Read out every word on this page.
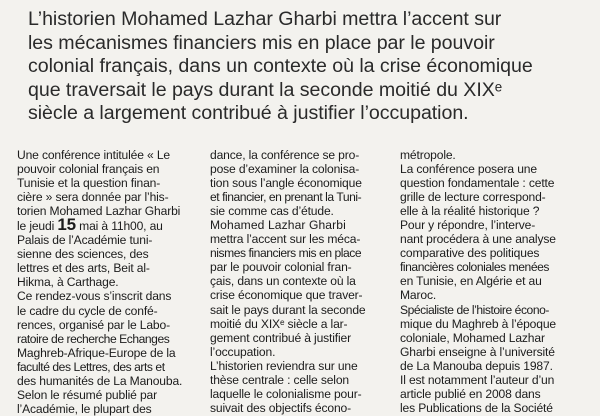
L’historien Mohamed Lazhar Gharbi mettra l’accent sur
les mécanismes financiers mis en place par le pouvoir
colonial français, dans un contexte où la crise économique
que traversait le pays durant la seconde moitié du XIXᵉ
siècle a largement contribué à justifier l’occupation.
Une conférence intitulée « Le
pouvoir colonial français en
Tunisie et la question finan-
cière » sera donnée par l’his-
torien Mohamed Lazhar Gharbi
le jeudi 15 mai à 11h00, au
Palais de l’Académie tuni-
sienne des sciences, des
lettres et des arts, Beit al-
Hikma, à Carthage.
Ce rendez-vous s’inscrit dans
le cadre du cycle de confé-
rences, organisé par le Labo-
ratoire de recherche Echanges
Maghreb-Afrique-Europe de la
faculté des Lettres, des arts et
des humanités de La Manouba.
Selon le résumé publié par
l’Académie, le plupart des
dance, la conférence se pro-
pose d’examiner la colonisa-
tion sous l’angle économique
et financier, en prenant la Tuni-
sie comme cas d’étude.
Mohamed Lazhar Gharbi
mettra l’accent sur les méca-
nismes financiers mis en place
par le pouvoir colonial fran-
çais, dans un contexte où la
crise économique que traver-
sait le pays durant la seconde
moitié du XIXᵉ siècle a lar-
gement contribué à justifier
l’occupation.
L’historien reviendra sur une
thèse centrale : celle selon
laquelle le colonialisme pour-
suivait des objectifs écono-
métropole.
La conférence posera une
question fondamentale : cette
grille de lecture correspond-
elle à la réalité historique ?
Pour y répondre, l’interve-
nant procédera à une analyse
comparative des politiques
financières coloniales menées
en Tunisie, en Algérie et au
Maroc.
Spécialiste de l’histoire écono-
mique du Maghreb à l’époque
coloniale, Mohamed Lazhar
Gharbi enseigne à l’université
de La Manouba depuis 1987.
Il est notamment l’auteur d’un
article publié en 2008 dans
les Publications de la Société
